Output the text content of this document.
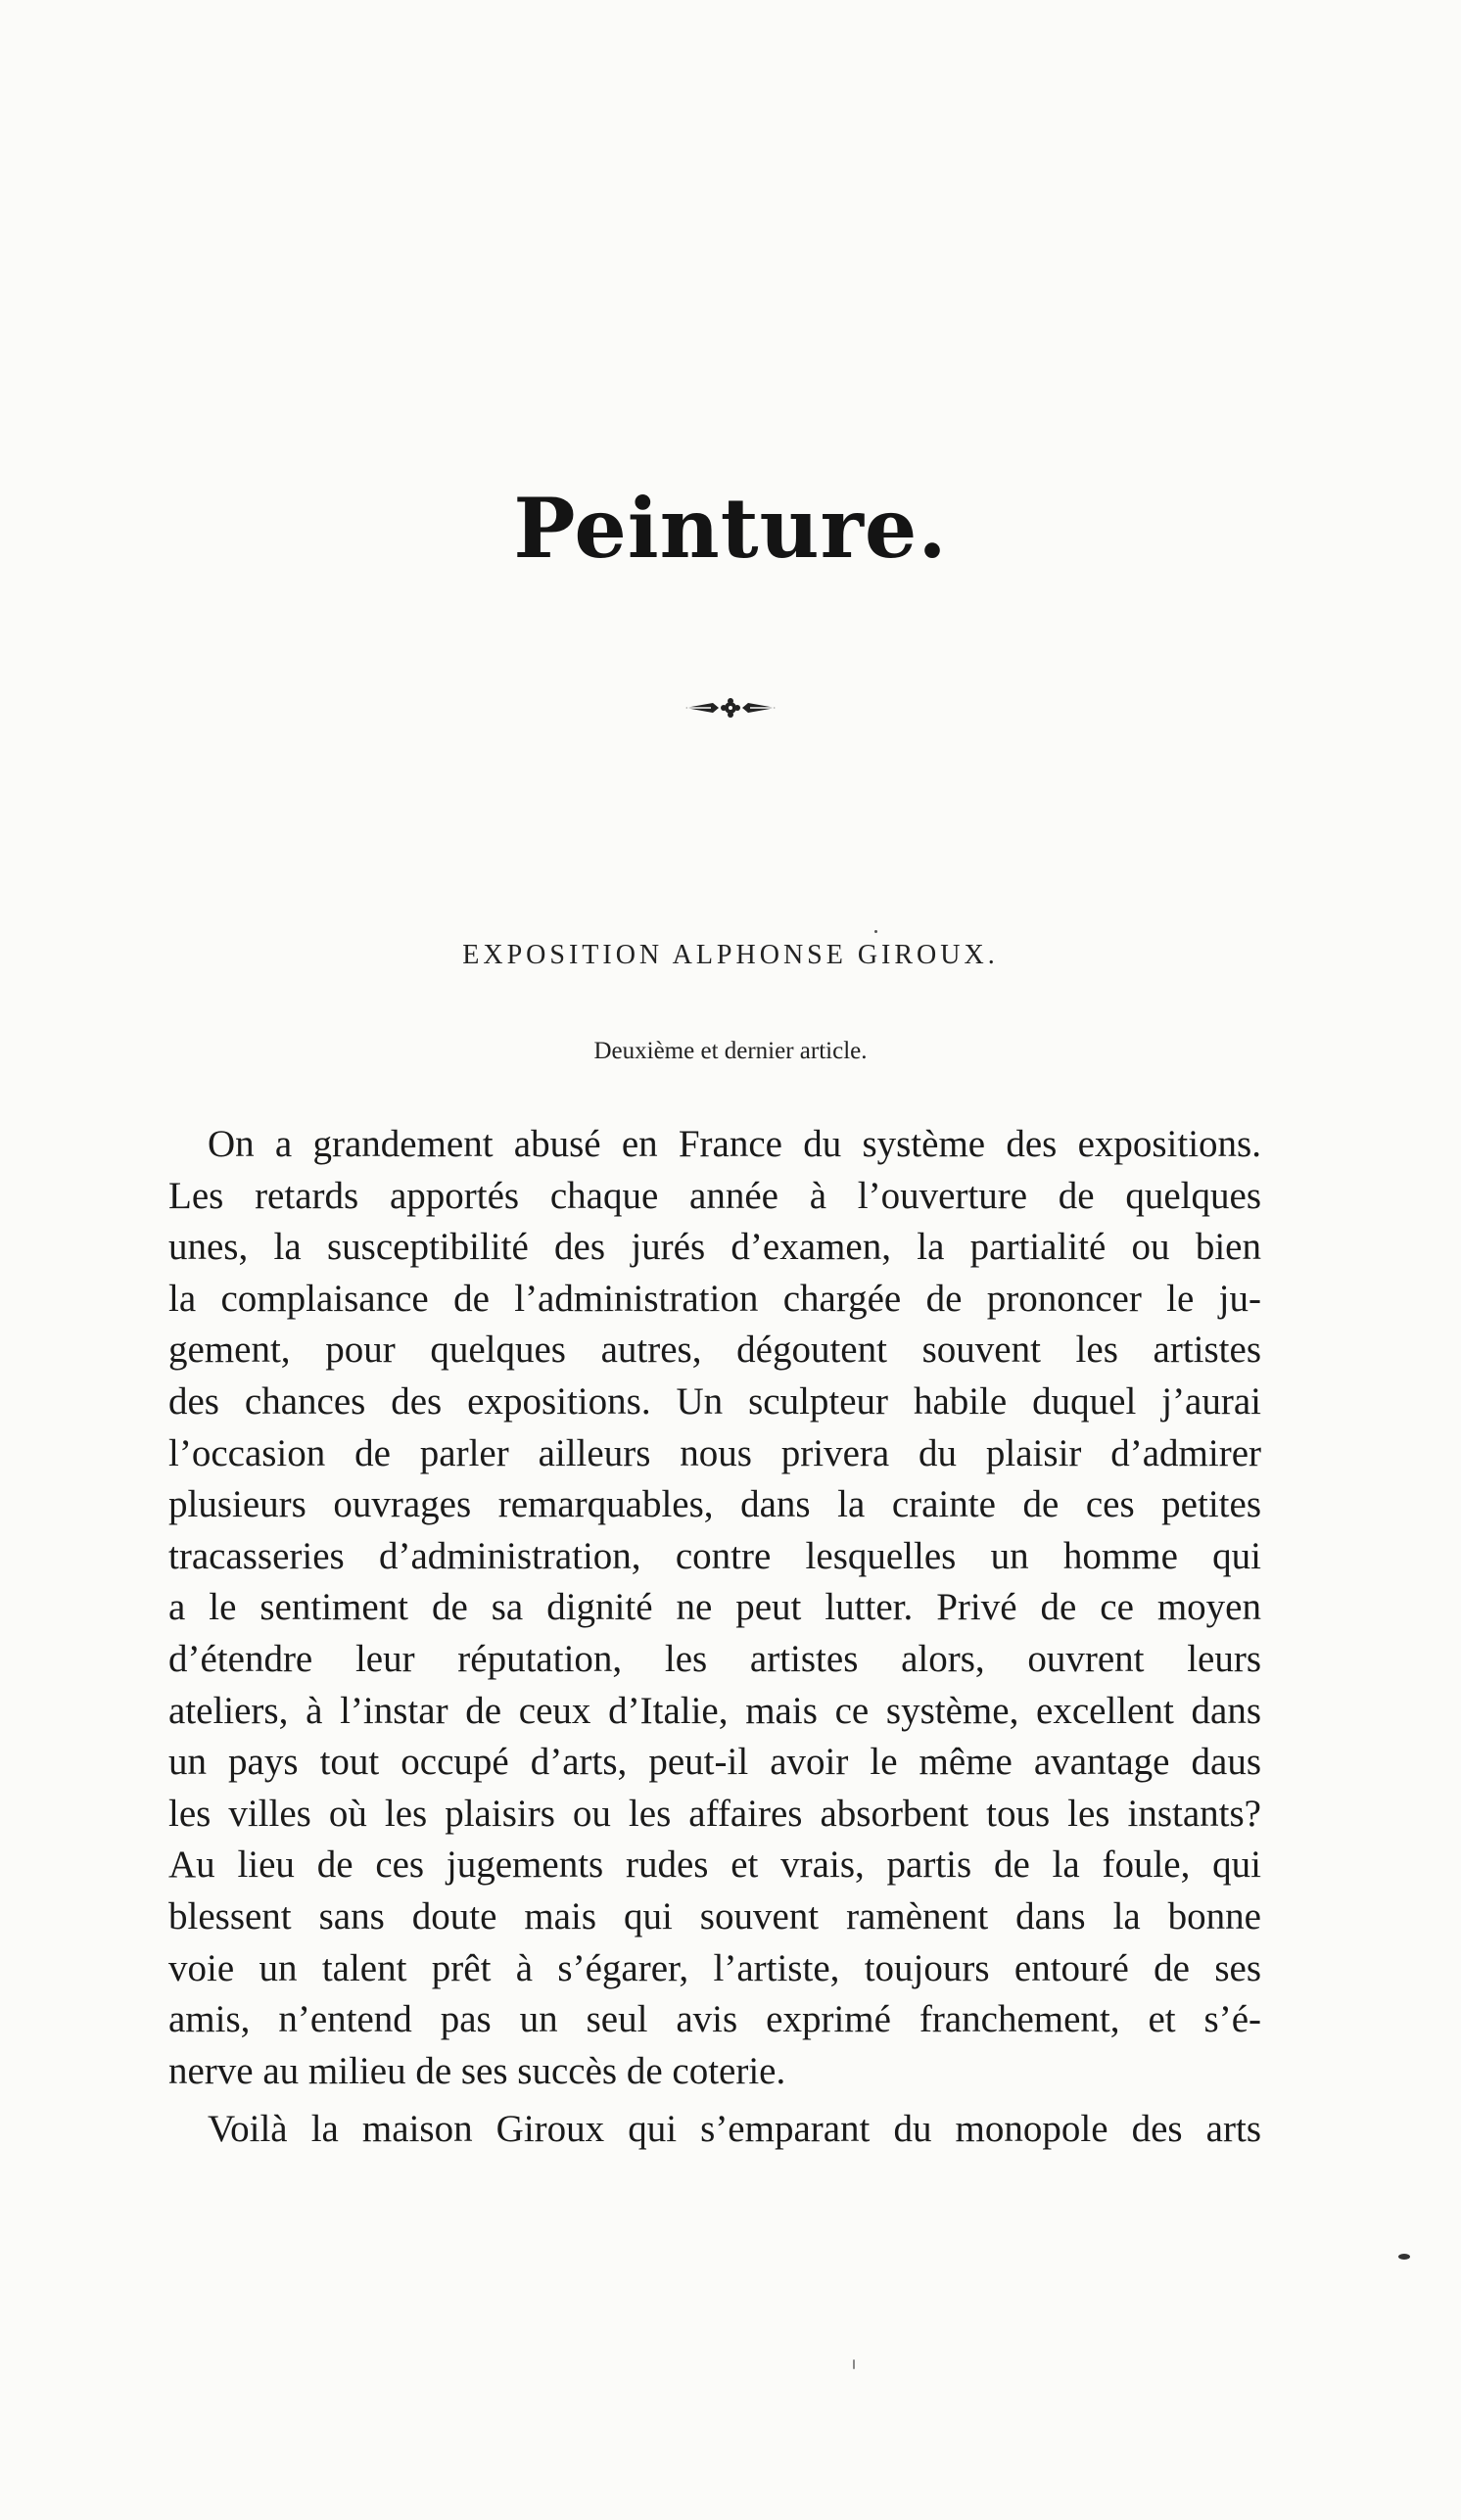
Peinture.
EXPOSITION ALPHONSE GIROUX.
Deuxième et dernier article.
On a grandement abusé en France du système des expositions.
Les retards apportés chaque année à l’ouverture de quelques
unes, la susceptibilité des jurés d’examen, la partialité ou bien
la complaisance de l’administration chargée de prononcer le ju-
gement, pour quelques autres, dégoutent souvent les artistes
des chances des expositions. Un sculpteur habile duquel j’aurai
l’occasion de parler ailleurs nous privera du plaisir d’admirer
plusieurs ouvrages remarquables, dans la crainte de ces petites
tracasseries d’administration, contre lesquelles un homme qui
a le sentiment de sa dignité ne peut lutter. Privé de ce moyen
d’étendre leur réputation, les artistes alors, ouvrent leurs
ateliers, à l’instar de ceux d’Italie, mais ce système, excellent dans
un pays tout occupé d’arts, peut-il avoir le même avantage daus
les villes où les plaisirs ou les affaires absorbent tous les instants?
Au lieu de ces jugements rudes et vrais, partis de la foule, qui
blessent sans doute mais qui souvent ramènent dans la bonne
voie un talent prêt à s’égarer, l’artiste, toujours entouré de ses
amis, n’entend pas un seul avis exprimé franchement, et s’é-
nerve au milieu de ses succès de coterie.
Voilà la maison Giroux qui s’emparant du monopole des arts
